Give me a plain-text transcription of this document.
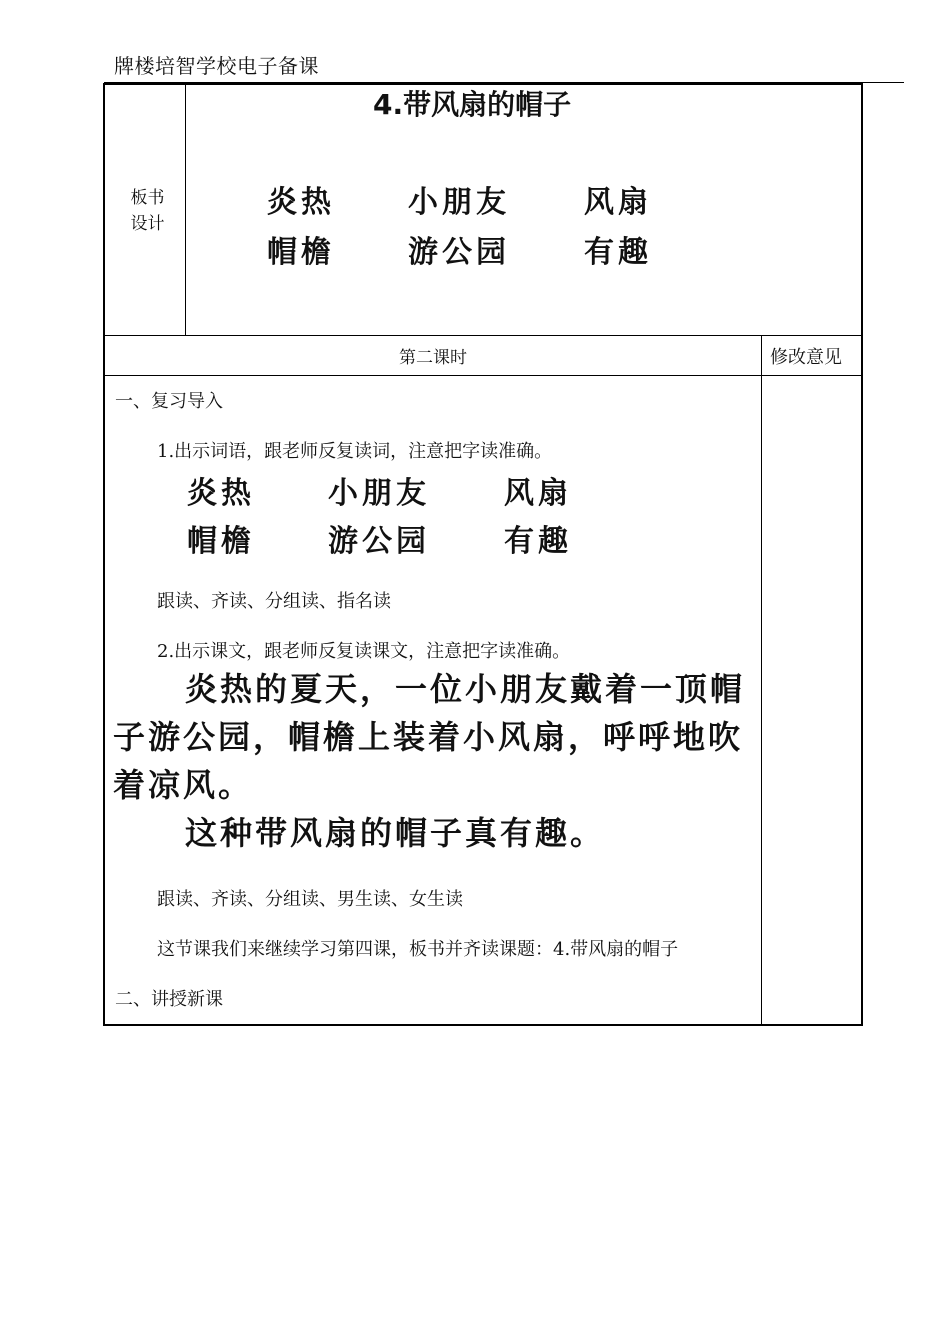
牌楼培智学校电子备课
板书
设计
4.带风扇的帽子
炎热 小朋友 风扇
帽檐 游公园 有趣
第二课时	修改意见
一、复习导入
1.出示词语，跟老师反复读词，注意把字读准确。
炎热 小朋友 风扇
帽檐 游公园 有趣
跟读、齐读、分组读、指名读
2.出示课文，跟老师反复读课文，注意把字读准确。

炎热的夏天，一位小朋友戴着一顶帽子游公园，帽檐上装着小风扇，呼呼地吹着凉风。

这种带风扇的帽子真有趣。

跟读、齐读、分组读、男生读、女生读
这节课我们来继续学习第四课，板书并齐读课题：4.带风扇的帽子
二、讲授新课
